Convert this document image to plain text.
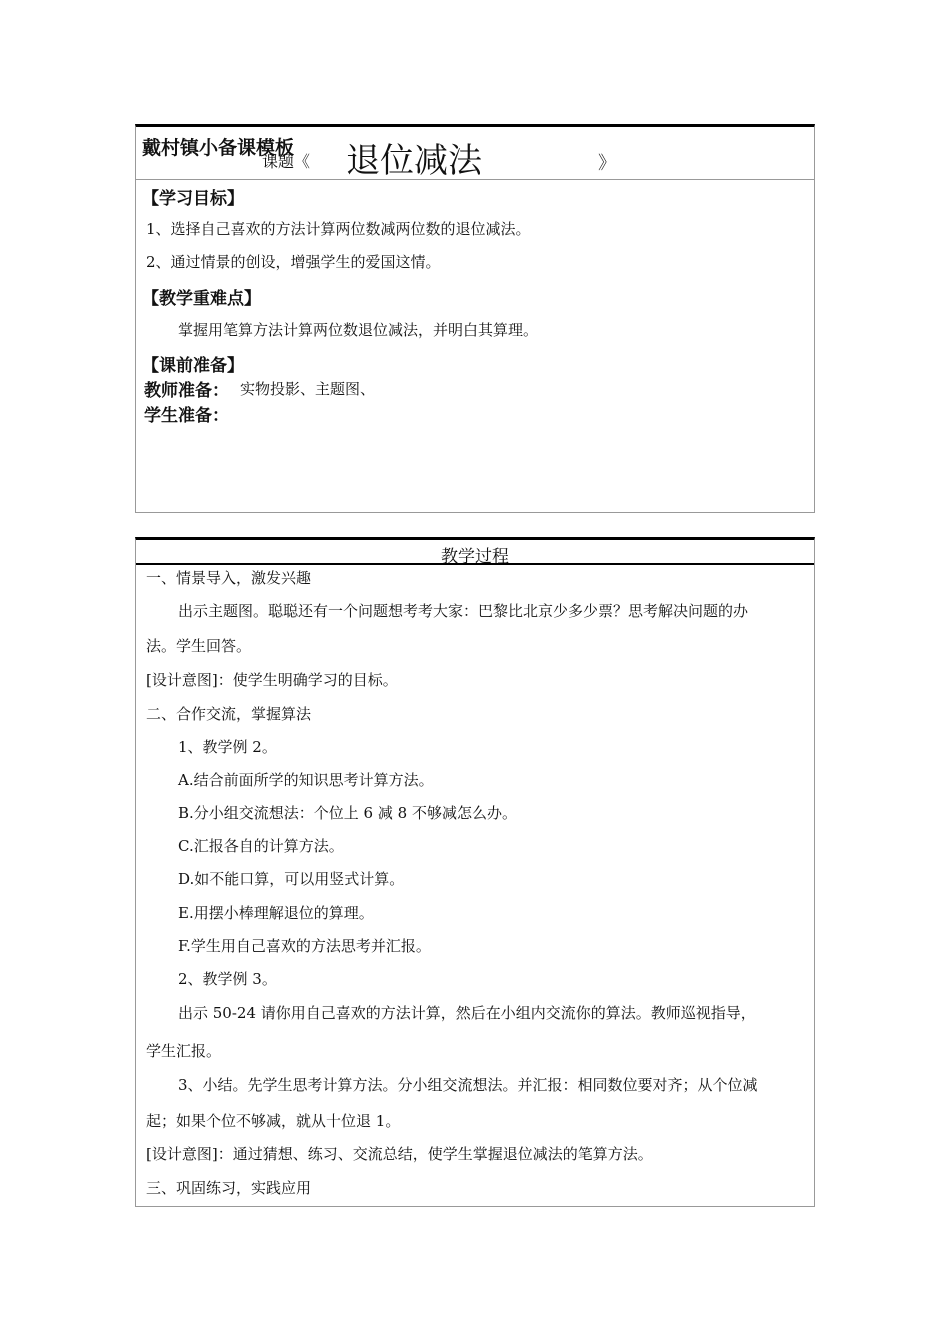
戴村镇小备课模板
课题《 退位减法	》
【学习目标】
1、选择自己喜欢的方法计算两位数减两位数的退位减法。
2、通过情景的创设，增强学生的爱国这情。
【教学重难点】
掌握用笔算方法计算两位数退位减法，并明白其算理。
【课前准备】
教师准备： 实物投影、主题图、
学生准备：
教学过程
一、情景导入，激发兴趣
出示主题图。聪聪还有一个问题想考考大家：巴黎比北京少多少票？思考解决问题的办
法。学生回答。
[设计意图]：使学生明确学习的目标。
二、合作交流，掌握算法
1、教学例 2。
A.结合前面所学的知识思考计算方法。
B.分小组交流想法：个位上 6 减 8 不够减怎么办。
C.汇报各自的计算方法。
D.如不能口算，可以用竖式计算。
E.用摆小棒理解退位的算理。
F.学生用自己喜欢的方法思考并汇报。
2、教学例 3。
出示 50-24 请你用自己喜欢的方法计算，然后在小组内交流你的算法。教师巡视指导，
学生汇报。
3、小结。先学生思考计算方法。分小组交流想法。并汇报：相同数位要对齐；从个位减
起；如果个位不够减，就从十位退 1。
[设计意图]：通过猜想、练习、交流总结，使学生掌握退位减法的笔算方法。
三、巩固练习，实践应用
